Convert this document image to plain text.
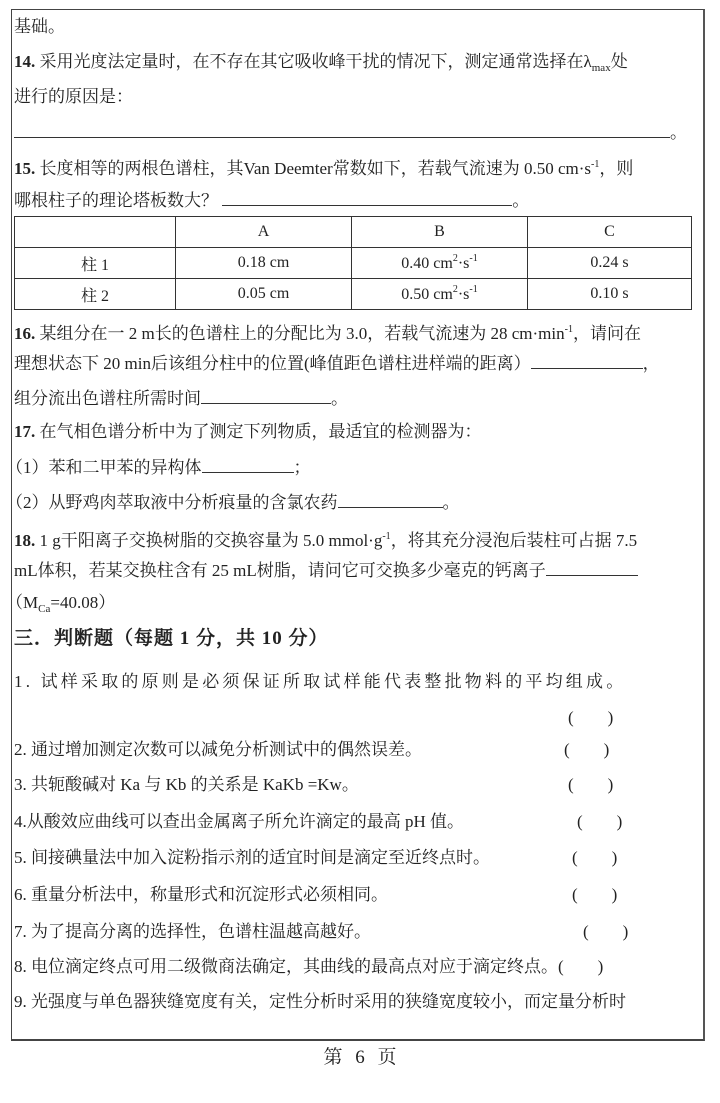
基础。
14. 采用光度法定量时，在不存在其它吸收峰干扰的情况下，测定通常选择在$\lambda_{max}$处
进行的原因是：
。
15. 长度相等的两根色谱柱，其Van Deemter常数如下，若载气流速为 0.50 $cm\cdot s^{-1}$，则
哪根柱子的理论塔板数大？	。
	A	B	C
柱 1	0.18 cm	0.40 $cm^2\cdot s^{-1}$	0.24 s
柱 2	0.05 cm	0.50 $cm^2\cdot s^{-1}$	0.10 s
16. 某组分在一 2 m长的色谱柱上的分配比为 3.0，若载气流速为 28 $cm\cdot\min^{-1}$，请问在
理想状态下 20 min后该组分柱中的位置(峰值距色谱柱进样端的距离）	，
组分流出色谱柱所需时间	。
17. 在气相色谱分析中为了测定下列物质，最适宜的检测器为：
（1）苯和二甲苯的异构体	；
（2）从野鸡肉萃取液中分析痕量的含氯农药	。
18. 1 g干阳离子交换树脂的交换容量为 5.0 $mmol\cdot g^{-1}$，将其充分浸泡后装柱可占据 7.5
mL体积，若某交换柱含有 25 mL树脂，请问它可交换多少毫克的钙离子
$(M_{Ca}=40.08)$
三．判断题（每题 1 分，共 10 分）
1. 试样采取的原则是必须保证所取试样能代表整批物料的平均组成。
(　　)
2. 通过增加测定次数可以减免分析测试中的偶然误差。	(　　)
3. 共轭酸碱对 Ka 与 Kb 的关系是 KaKb =Kw。	(　　)
4.从酸效应曲线可以查出金属离子所允许滴定的最高 pH 值。	(　　)
5. 间接碘量法中加入淀粉指示剂的适宜时间是滴定至近终点时。	(　　)
6. 重量分析法中，称量形式和沉淀形式必须相同。	(　　)
7. 为了提高分离的选择性，色谱柱温越高越好。	(　　)
8. 电位滴定终点可用二级微商法确定，其曲线的最高点对应于滴定终点。(　　)
9. 光强度与单色器狭缝宽度有关，定性分析时采用的狭缝宽度较小，而定量分析时
第 6 页
